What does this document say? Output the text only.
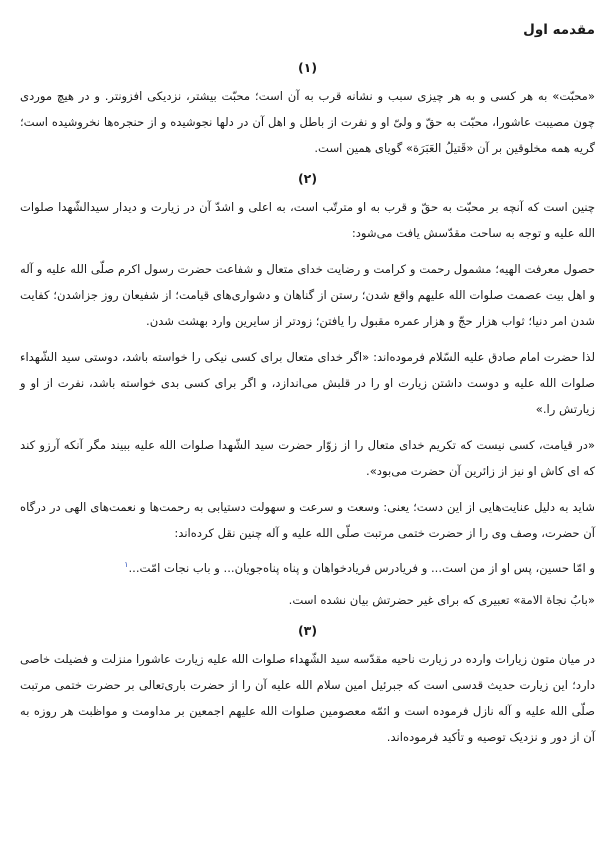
مقدمه اول
(۱)

«محبّت» به هر کسی و به هر چیزی سبب و نشانه قرب به آن است؛ محبّت بیشتر، نزدیکی افزونتر. و در هیچ موردی چون مصیبت عاشورا، محبّت به حقّ و ولیّ او و نفرت از باطل و اهل آن در دلها نجوشیده و از حنجره‌ها نخروشیده است؛ گریه همه مخلوقین بر آن «قَتیلُ العَبَرَة» گویای همین است.

(۲)

چنین است که آنچه بر محبّت به حقّ و قرب به او مترتّب است، به اعلی و اشدّ آن در زیارت و دیدار سیدالشّهدا صلوات الله علیه و توجه به ساحت مقدّسش یافت می‌شود:

حصول معرفت الهیه؛ مشمول رحمت و کرامت و رضایت خدای متعال و شفاعت حضرت رسول اکرم صلّی الله علیه و آله و اهل بیت عصمت صلوات الله علیهم واقع شدن؛ رستن از گناهان و دشواری‌های قیامت؛ از شفیعان روز جزاشدن؛ کفایت شدن امر دنیا؛ ثواب هزار حجّ و هزار عمره مقبول را یافتن؛ زودتر از سایرین وارد بهشت شدن.

لذا حضرت امام صادق علیه السّلام فرموده‌اند: «اگر خدای متعال برای کسی نیکی را خواسته باشد، دوستی سید الشّهداء صلوات الله علیه و دوست داشتن زیارت او را در قلبش می‌اندازد، و اگر برای کسی بدی خواسته باشد، نفرت از او و زیارتش را.»

«در قیامت، کسی نیست که تکریم خدای متعال را از زوّار حضرت سید الشّهدا صلوات الله علیه ببیند مگر آنکه آرزو کند که ای کاش او نیز از زائرین آن حضرت می‌بود».

شاید به دلیل عنایت‌هایی از این دست؛ یعنی: وسعت و سرعت و سهولت دستیابی به رحمت‌ها و نعمت‌های الهی در درگاه آن حضرت، وصف وی را از حضرت ختمی مرتبت صلّی الله علیه و آله چنین نقل کرده‌اند:

و امّا حسین، پس او از من است... و فریادرس فریادخواهان و پناه پناه‌جویان... و باب نجات امّت...$^۱$

«بابُ نجاة الامة» تعبیری که برای غیر حضرتش بیان نشده است.

(۳)

در میان متون زیارات وارده در زیارت ناحیه مقدّسه سید الشّهداء صلوات الله علیه زیارت عاشورا منزلت و فضیلت خاصی دارد؛ این زیارت حدیث قدسی است که جبرئیل امین سلام الله علیه آن را از حضرت باری‌تعالی بر حضرت ختمی مرتبت صلّی الله علیه و آله نازل فرموده است و ائمّه معصومین صلوات الله علیهم اجمعین بر مداومت و مواظبت هر روزه به آن از دور و نزدیک توصیه و تأکید فرموده‌اند.
